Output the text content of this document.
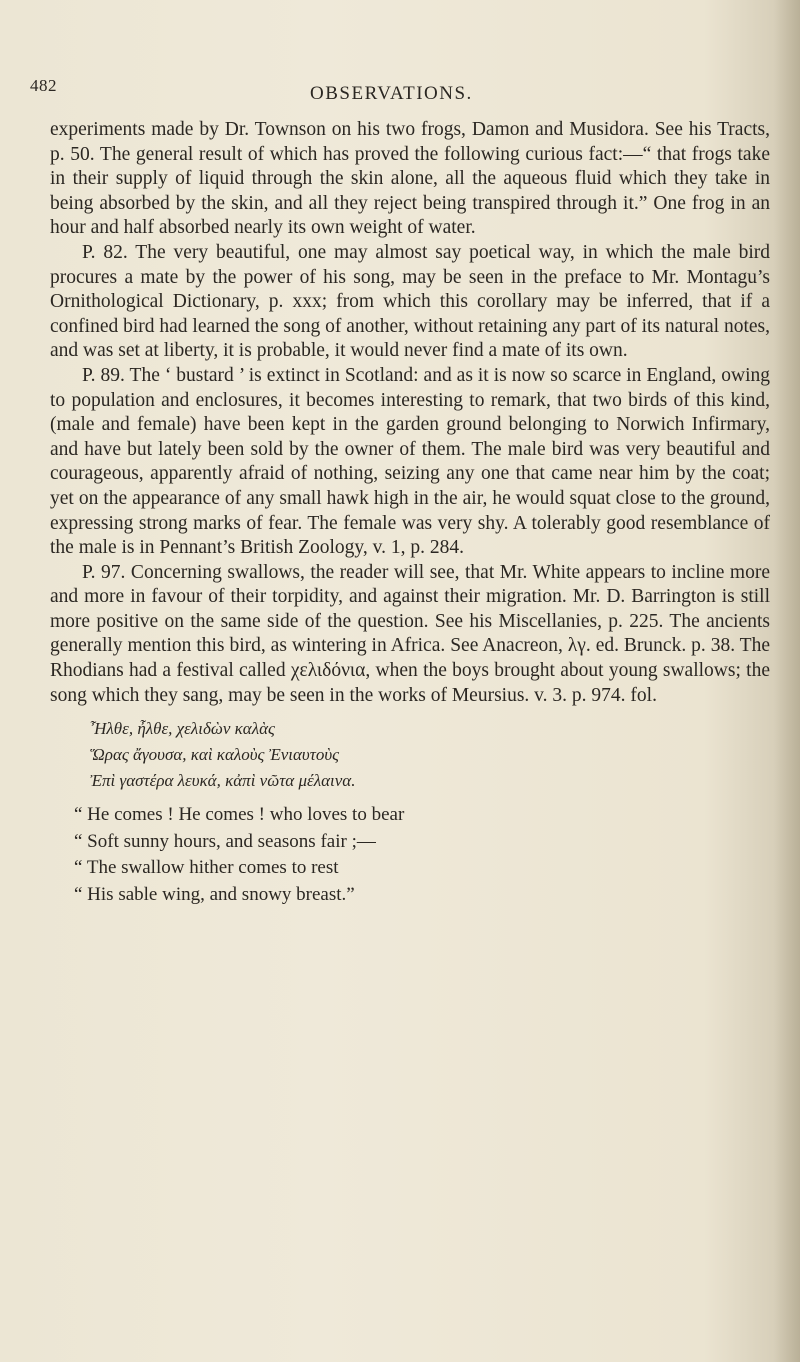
482	OBSERVATIONS.

experiments made by Dr. Townson on his two frogs, Damon and Musidora. See his Tracts, p. 50. The general result of which has proved the following curious fact:—“ that frogs take in their supply of liquid through the skin alone, all the aqueous fluid which they take in being absorbed by the skin, and all they reject being transpired through it.” One frog in an hour and half absorbed nearly its own weight of water.

P. 82. The very beautiful, one may almost say poetical way, in which the male bird procures a mate by the power of his song, may be seen in the preface to Mr. Montagu’s Ornithological Dictionary, p. xxx; from which this corollary may be inferred, that if a confined bird had learned the song of another, without retaining any part of its natural notes, and was set at liberty, it is probable, it would never find a mate of its own.

P. 89. The ‘ bustard ’ is extinct in Scotland: and as it is now so scarce in England, owing to population and enclosures, it becomes interesting to remark, that two birds of this kind, (male and female) have been kept in the garden ground belonging to Norwich Infirmary, and have but lately been sold by the owner of them. The male bird was very beautiful and courageous, apparently afraid of nothing, seizing any one that came near him by the coat; yet on the appearance of any small hawk high in the air, he would squat close to the ground, expressing strong marks of fear. The female was very shy. A tolerably good resemblance of the male is in Pennant’s British Zoology, v. 1, p. 284.

P. 97. Concerning swallows, the reader will see, that Mr. White appears to incline more and more in favour of their torpidity, and against their migration. Mr. D. Barrington is still more positive on the same side of the question. See his Miscellanies, p. 225. The ancients generally mention this bird, as wintering in Africa. See Anacreon, λγ. ed. Brunck. p. 38. The Rhodians had a festival called χελιδόνια, when the boys brought about young swallows; the song which they sang, may be seen in the works of Meursius. v. 3. p. 974. fol.

Ἦλθε, ἦλθε, χελιδὼν καλὰς
Ὥρας ἄγουσα, καὶ καλοὺς Ἐνιαυτοὺς
Ἐπὶ γαστέρα λευκά, κἀπὶ νῶτα μέλαινα.
“ He comes ! He comes ! who loves to bear
“ Soft sunny hours, and seasons fair ;—
“ The swallow hither comes to rest
“ His sable wing, and snowy breast.”
